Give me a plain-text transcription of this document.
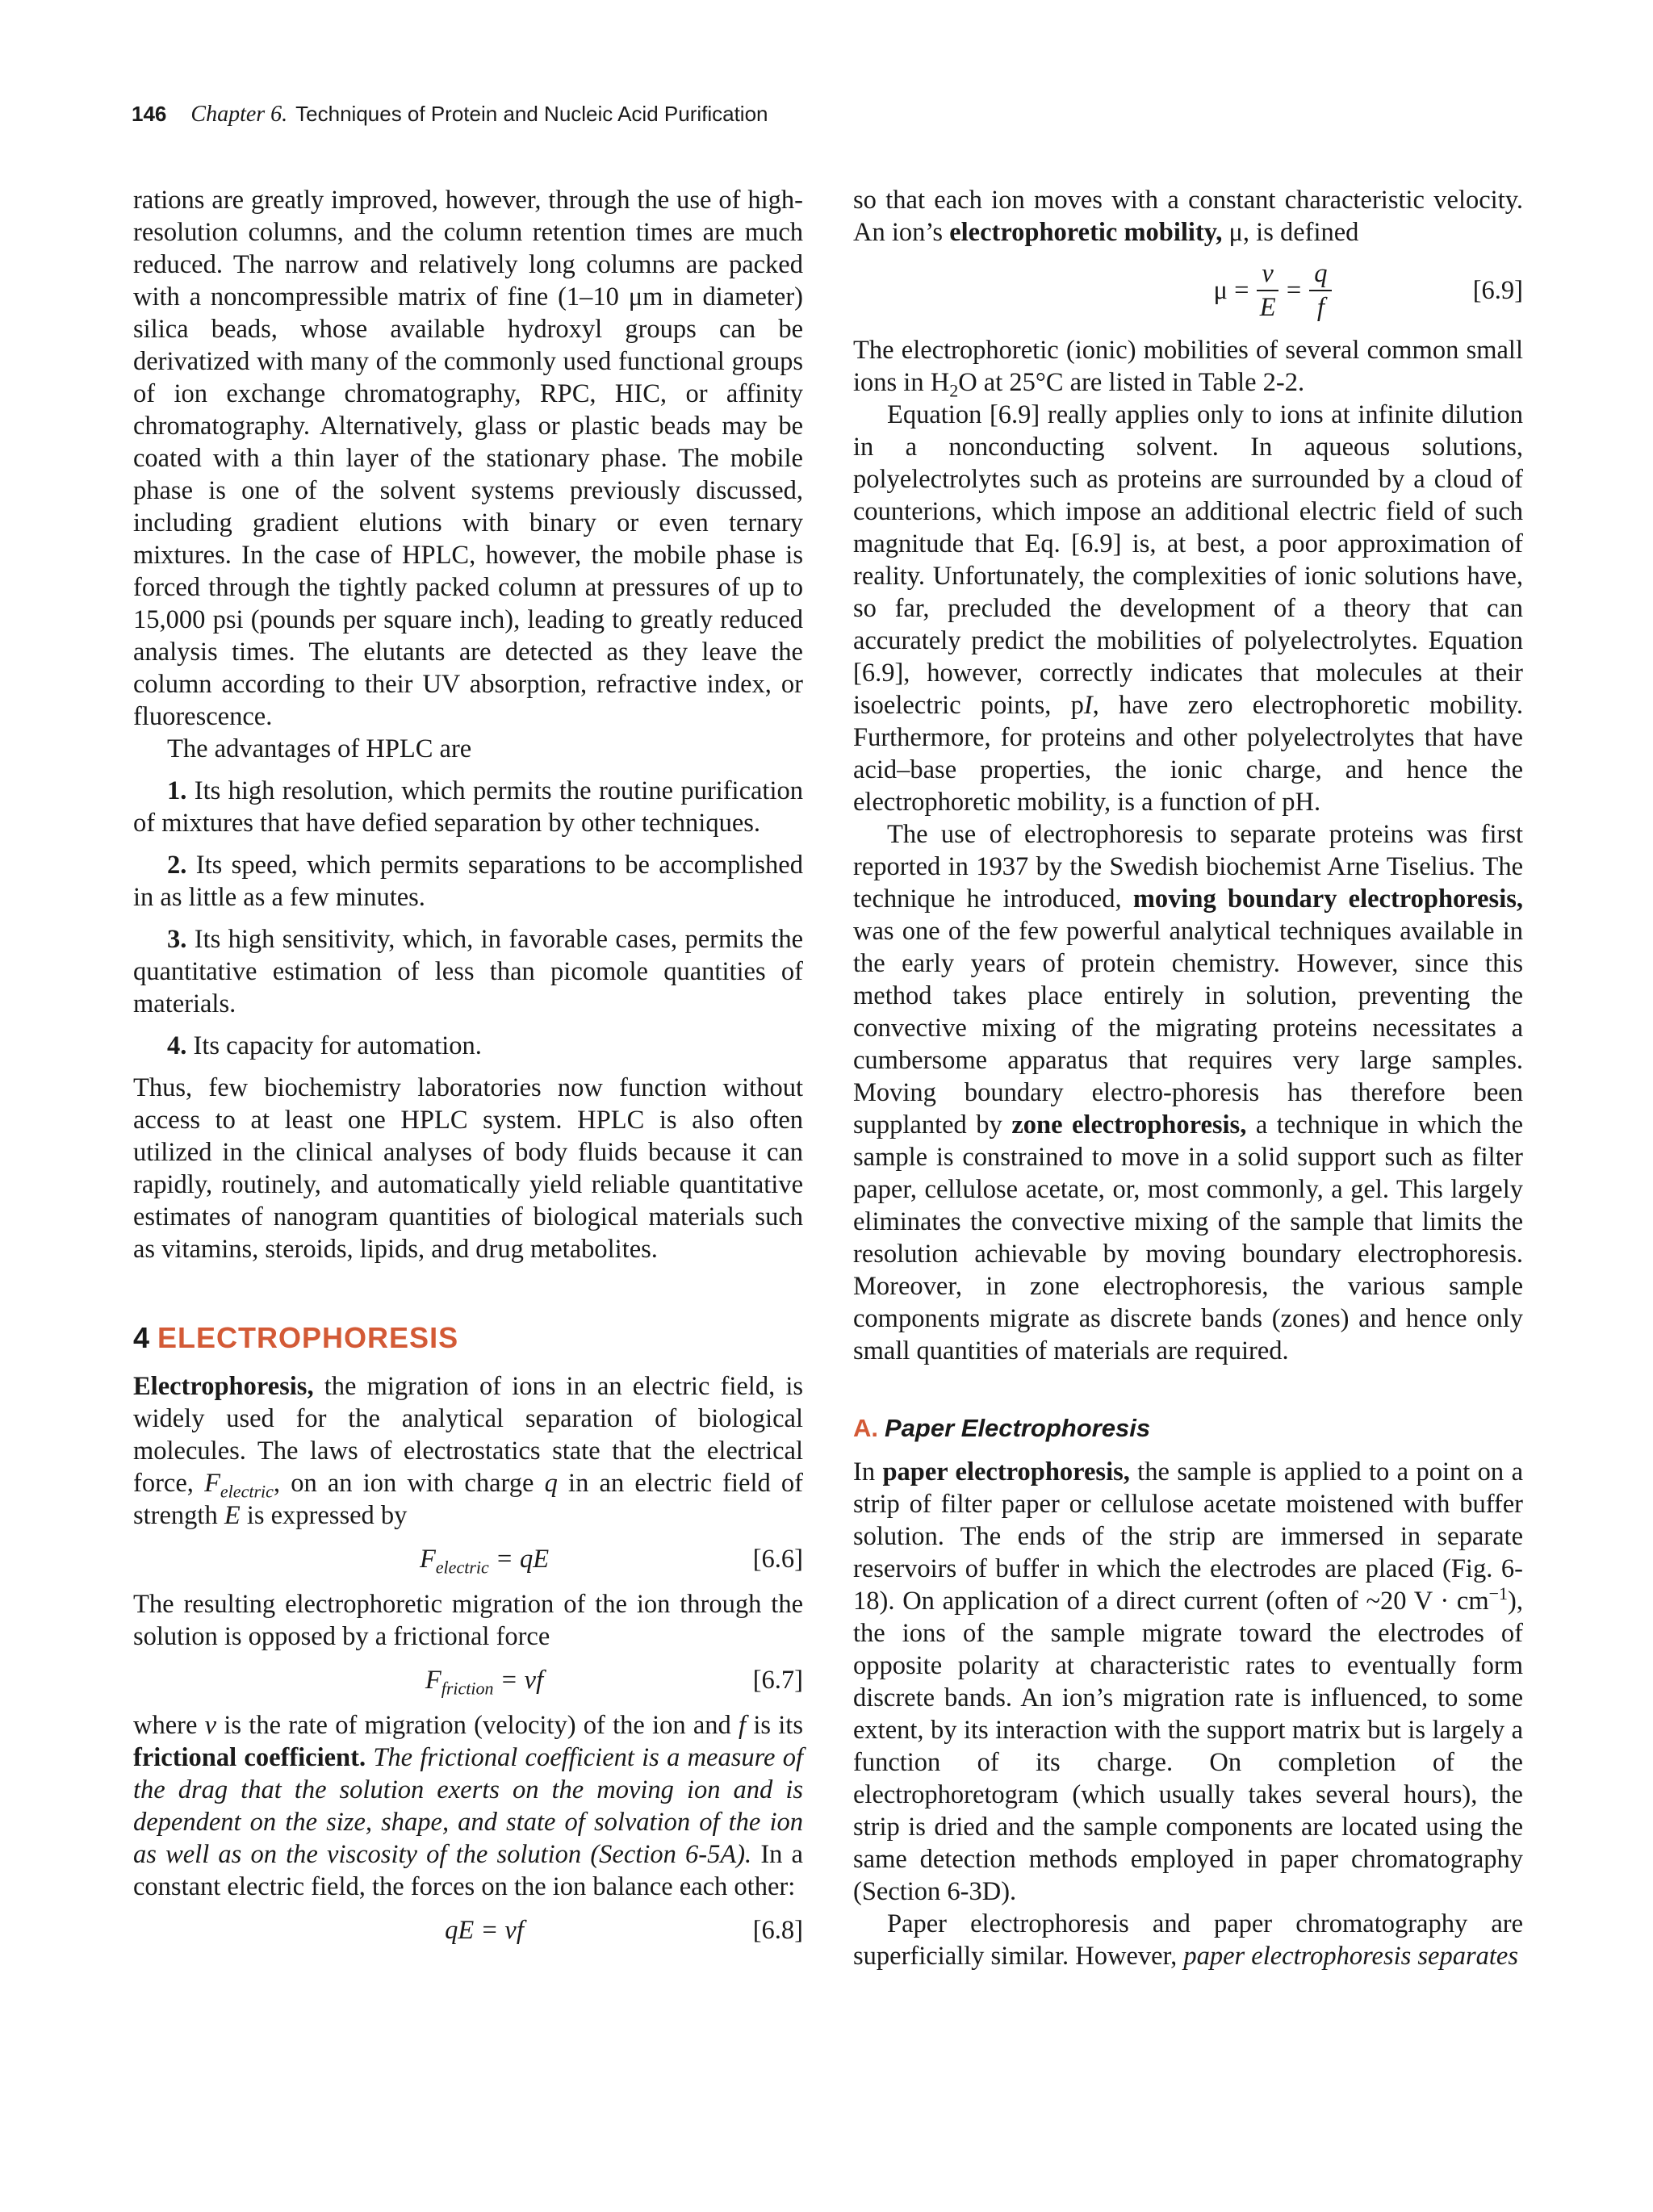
146 Chapter 6. Techniques of Protein and Nucleic Acid Purification

rations are greatly improved, however, through the use of high-resolution columns, and the column retention times are much reduced. The narrow and relatively long columns are packed with a noncompressible matrix of fine (1–10 μm in diameter) silica beads, whose available hydroxyl groups can be derivatized with many of the commonly used functional groups of ion exchange chromatography, RPC, HIC, or affinity chromatography. Alternatively, glass or plastic beads may be coated with a thin layer of the stationary phase. The mobile phase is one of the solvent systems previously discussed, including gradient elutions with binary or even ternary mixtures. In the case of HPLC, however, the mobile phase is forced through the tightly packed column at pressures of up to 15,000 psi (pounds per square inch), leading to greatly reduced analysis times. The elutants are detected as they leave the column according to their UV absorption, refractive index, or fluorescence.

The advantages of HPLC are

1. Its high resolution, which permits the routine purification of mixtures that have defied separation by other techniques.

2. Its speed, which permits separations to be accomplished in as little as a few minutes.

3. Its high sensitivity, which, in favorable cases, permits the quantitative estimation of less than picomole quantities of materials.

4. Its capacity for automation.

Thus, few biochemistry laboratories now function without access to at least one HPLC system. HPLC is also often utilized in the clinical analyses of body fluids because it can rapidly, routinely, and automatically yield reliable quantitative estimates of nanogram quantities of biological materials such as vitamins, steroids, lipids, and drug metabolites.

4 ELECTROPHORESIS

Electrophoresis, the migration of ions in an electric field, is widely used for the analytical separation of biological molecules. The laws of electrostatics state that the electrical force, $F_{electric}$, on an ion with charge q in an electric field of strength E is expressed by

$F_{electric}$ = qE	[6.6]

The resulting electrophoretic migration of the ion through the solution is opposed by a frictional force

$F_{friction}$ = vf	[6.7]

where v is the rate of migration (velocity) of the ion and f is its frictional coefficient. The frictional coefficient is a measure of the drag that the solution exerts on the moving ion and is dependent on the size, shape, and state of solvation of the ion as well as on the viscosity of the solution (Section 6-5A). In a constant electric field, the forces on the ion balance each other:

qE = vf	[6.8]

so that each ion moves with a constant characteristic velocity. An ion’s electrophoretic mobility, μ, is defined

$\mu = \frac{v}{E} = \frac{q}{f}$	[6.9]

The electrophoretic (ionic) mobilities of several common small ions in $H_2O$ at 25°C are listed in Table 2-2.

Equation [6.9] really applies only to ions at infinite dilution in a nonconducting solvent. In aqueous solutions, polyelectrolytes such as proteins are surrounded by a cloud of counterions, which impose an additional electric field of such magnitude that Eq. [6.9] is, at best, a poor approximation of reality. Unfortunately, the complexities of ionic solutions have, so far, precluded the development of a theory that can accurately predict the mobilities of polyelectrolytes. Equation [6.9], however, correctly indicates that molecules at their isoelectric points, pI, have zero electrophoretic mobility. Furthermore, for proteins and other polyelectrolytes that have acid–base properties, the ionic charge, and hence the electrophoretic mobility, is a function of pH.

The use of electrophoresis to separate proteins was first reported in 1937 by the Swedish biochemist Arne Tiselius. The technique he introduced, moving boundary electrophoresis, was one of the few powerful analytical techniques available in the early years of protein chemistry. However, since this method takes place entirely in solution, preventing the convective mixing of the migrating proteins necessitates a cumbersome apparatus that requires very large samples. Moving boundary electro-phoresis has therefore been supplanted by zone electrophoresis, a technique in which the sample is constrained to move in a solid support such as filter paper, cellulose acetate, or, most commonly, a gel. This largely eliminates the convective mixing of the sample that limits the resolution achievable by moving boundary electrophoresis. Moreover, in zone electrophoresis, the various sample components migrate as discrete bands (zones) and hence only small quantities of materials are required.

A. Paper Electrophoresis

In paper electrophoresis, the sample is applied to a point on a strip of filter paper or cellulose acetate moistened with buffer solution. The ends of the strip are immersed in separate reservoirs of buffer in which the electrodes are placed (Fig. 6-18). On application of a direct current (often of ~20 $V \cdot cm^{-1}$), the ions of the sample migrate toward the electrodes of opposite polarity at characteristic rates to eventually form discrete bands. An ion’s migration rate is influenced, to some extent, by its interaction with the support matrix but is largely a function of its charge. On completion of the electrophoretogram (which usually takes several hours), the strip is dried and the sample components are located using the same detection methods employed in paper chromatography (Section 6-3D).

Paper electrophoresis and paper chromatography are superficially similar. However, paper electrophoresis separates
